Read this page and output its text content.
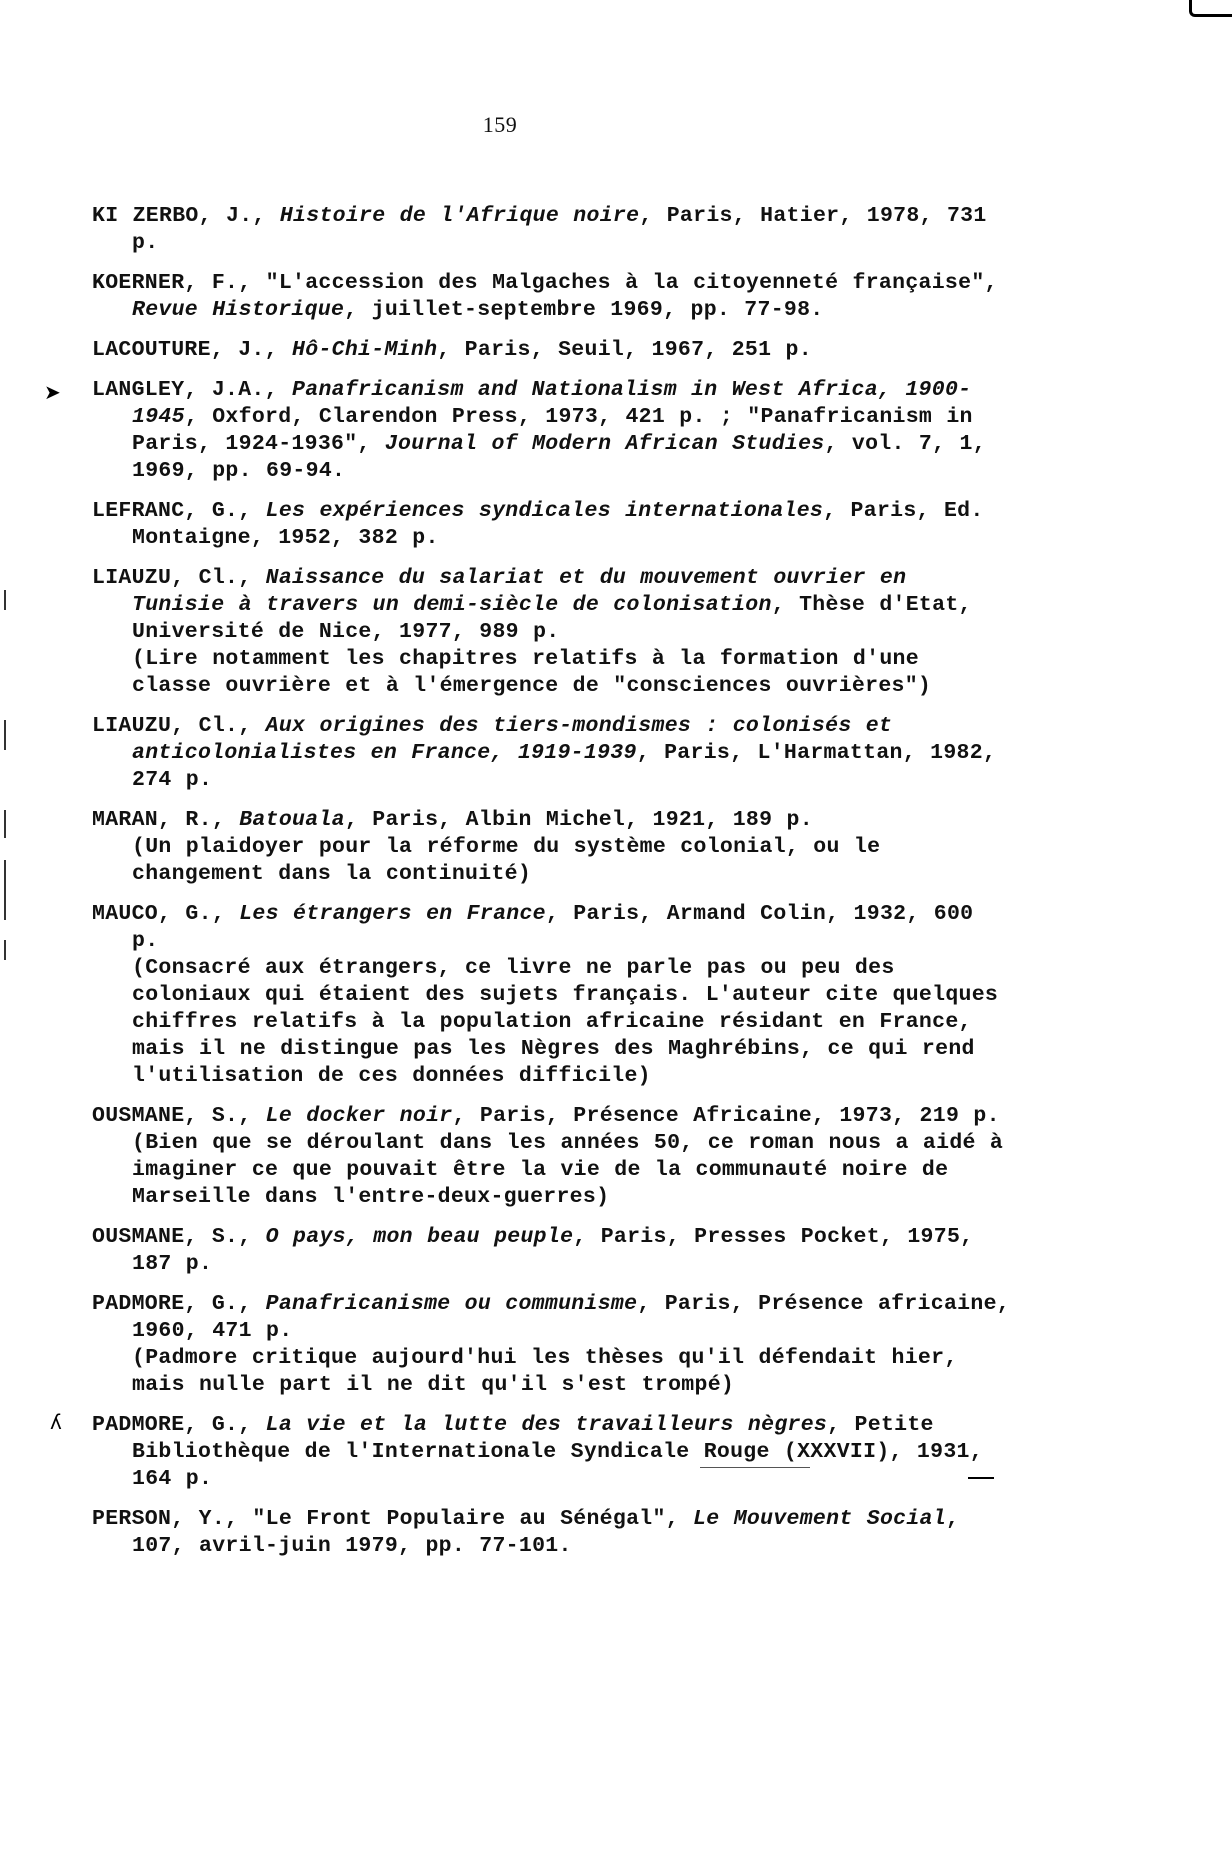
159
➤
ʎ
KI ZERBO, J., Histoire de l'Afrique noire, Paris, Hatier, 1978, 731 p.
KOERNER, F., "L'accession des Malgaches à la citoyenneté française", Revue Historique, juillet-septembre 1969, pp. 77-98.
LACOUTURE, J., Hô-Chi-Minh, Paris, Seuil, 1967, 251 p.
LANGLEY, J.A., Panafricanism and Nationalism in West Africa, 1900-1945, Oxford, Clarendon Press, 1973, 421 p. ; "Panafricanism in Paris, 1924-1936", Journal of Modern African Studies, vol. 7, 1, 1969, pp. 69-94.
LEFRANC, G., Les expériences syndicales internationales, Paris, Ed. Montaigne, 1952, 382 p.
LIAUZU, Cl., Naissance du salariat et du mouvement ouvrier en Tunisie à travers un demi-siècle de colonisation, Thèse d'Etat, Université de Nice, 1977, 989 p.
(Lire notamment les chapitres relatifs à la formation d'une classe ouvrière et à l'émergence de "consciences ouvrières")
LIAUZU, Cl., Aux origines des tiers-mondismes : colonisés et anticolonialistes en France, 1919-1939, Paris, L'Harmattan, 1982, 274 p.
MARAN, R., Batouala, Paris, Albin Michel, 1921, 189 p.
(Un plaidoyer pour la réforme du système colonial, ou le changement dans la continuité)
MAUCO, G., Les étrangers en France, Paris, Armand Colin, 1932, 600 p.
(Consacré aux étrangers, ce livre ne parle pas ou peu des coloniaux qui étaient des sujets français. L'auteur cite quelques chiffres relatifs à la population africaine résidant en France, mais il ne distingue pas les Nègres des Maghrébins, ce qui rend l'utilisation de ces données difficile)
OUSMANE, S., Le docker noir, Paris, Présence Africaine, 1973, 219 p.
(Bien que se déroulant dans les années 50, ce roman nous a aidé à imaginer ce que pouvait être la vie de la communauté noire de Marseille dans l'entre-deux-guerres)
OUSMANE, S., O pays, mon beau peuple, Paris, Presses Pocket, 1975, 187 p.
PADMORE, G., Panafricanisme ou communisme, Paris, Présence africaine, 1960, 471 p.
(Padmore critique aujourd'hui les thèses qu'il défendait hier, mais nulle part il ne dit qu'il s'est trompé)
PADMORE, G., La vie et la lutte des travailleurs nègres, Petite Bibliothèque de l'Internationale Syndicale Rouge (XXXVII), 1931, 164 p.
PERSON, Y., "Le Front Populaire au Sénégal", Le Mouvement Social, 107, avril-juin 1979, pp. 77-101.
